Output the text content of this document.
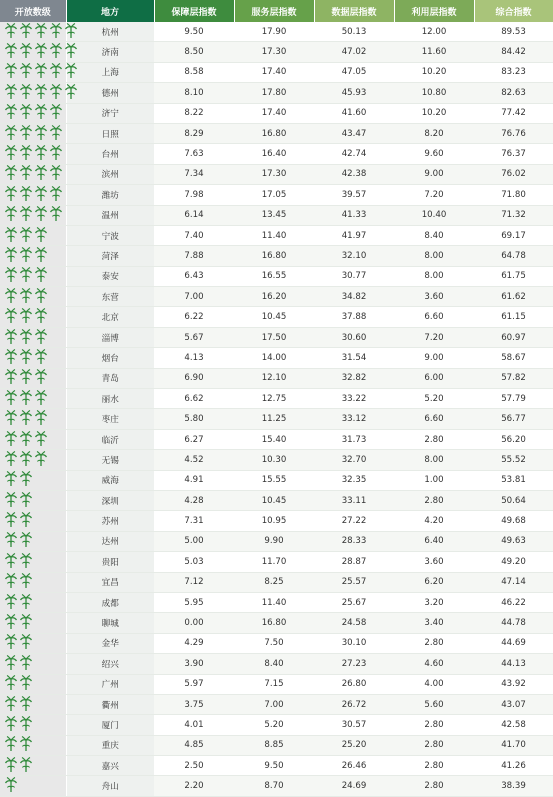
开放数级	地方	保障层指数	服务层指数	数据层指数	利用层指数	综合指数

	杭州	9.50	17.90	50.13	12.00	89.53

	济南	8.50	17.30	47.02	11.60	84.42

	上海	8.58	17.40	47.05	10.20	83.23

	德州	8.10	17.80	45.93	10.80	82.63

	济宁	8.22	17.40	41.60	10.20	77.42

	日照	8.29	16.80	43.47	8.20	76.76

	台州	7.63	16.40	42.74	9.60	76.37

	滨州	7.34	17.30	42.38	9.00	76.02

	潍坊	7.98	17.05	39.57	7.20	71.80

	温州	6.14	13.45	41.33	10.40	71.32

	宁波	7.40	11.40	41.97	8.40	69.17

	菏泽	7.88	16.80	32.10	8.00	64.78

	泰安	6.43	16.55	30.77	8.00	61.75

	东营	7.00	16.20	34.82	3.60	61.62

	北京	6.22	10.45	37.88	6.60	61.15

	淄博	5.67	17.50	30.60	7.20	60.97

	烟台	4.13	14.00	31.54	9.00	58.67

	青岛	6.90	12.10	32.82	6.00	57.82

	丽水	6.62	12.75	33.22	5.20	57.79

	枣庄	5.80	11.25	33.12	6.60	56.77

	临沂	6.27	15.40	31.73	2.80	56.20

	无锡	4.52	10.30	32.70	8.00	55.52

	威海	4.91	15.55	32.35	1.00	53.81

	深圳	4.28	10.45	33.11	2.80	50.64

	苏州	7.31	10.95	27.22	4.20	49.68

	达州	5.00	9.90	28.33	6.40	49.63

	贵阳	5.03	11.70	28.87	3.60	49.20

	宜昌	7.12	8.25	25.57	6.20	47.14

	成都	5.95	11.40	25.67	3.20	46.22

	聊城	0.00	16.80	24.58	3.40	44.78

	金华	4.29	7.50	30.10	2.80	44.69

	绍兴	3.90	8.40	27.23	4.60	44.13

	广州	5.97	7.15	26.80	4.00	43.92

	衢州	3.75	7.00	26.72	5.60	43.07

	厦门	4.01	5.20	30.57	2.80	42.58

	重庆	4.85	8.85	25.20	2.80	41.70

	嘉兴	2.50	9.50	26.46	2.80	41.26

	舟山	2.20	8.70	24.69	2.80	38.39
